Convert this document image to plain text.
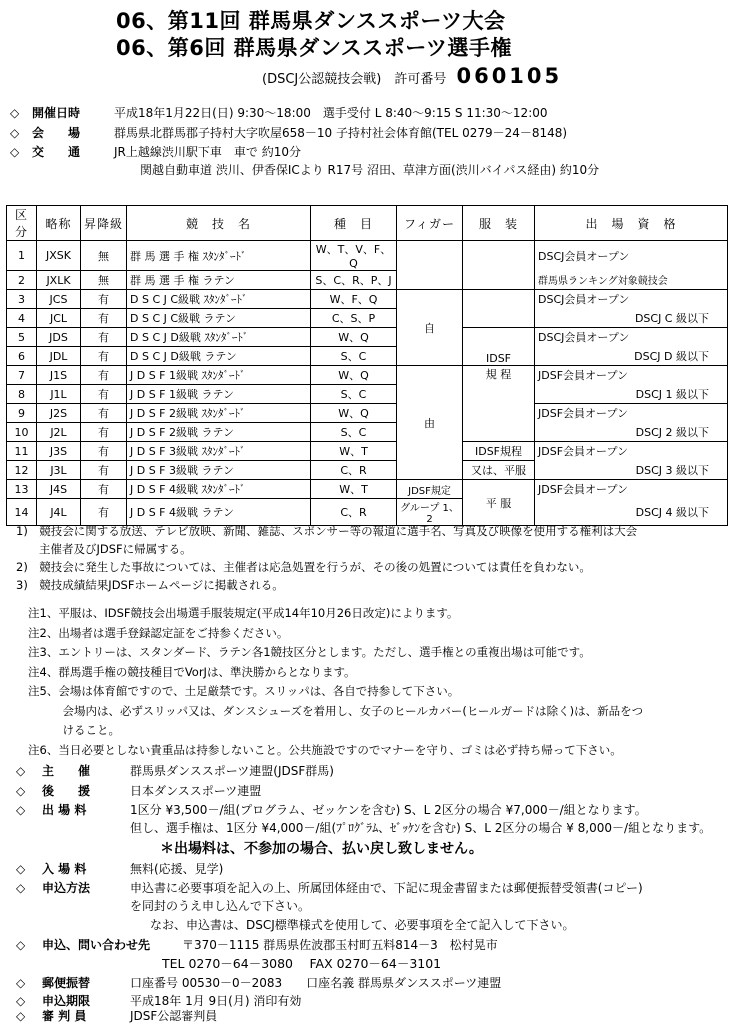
06、第11回 群馬県ダンススポーツ大会
06、第6回 群馬県ダンススポーツ選手権
(DSCJ公認競技会戦)　許可番号 060105
◇ 開催日時	平成18年1月22日(日) 9:30～18:00　選手受付 L 8:40～9:15 S 11:30～12:00
◇ 会　　場	群馬県北群馬郡子持村大字吹屋658－10 子持村社会体育館(TEL 0279－24－8148)
◇ 交　　通	JR上越線渋川駅下車　車で 約10分
関越自動車道 渋川、伊香保ICより R17号 沼田、草津方面(渋川バイパス経由) 約10分
区分	略称	昇降級	競　技　名	種　目	フィガー	服　装	出　場　資　格
1	JXSK	無	群 馬 選 手 権 ｽﾀﾝﾀﾞｰﾄﾞ	W、T、V、F、Q			DSCJ会員オープン
2	JXLK	無	群 馬 選 手 権 ラテン	S、C、R、P、J			群馬県ランキング対象競技会
3	JCS	有	D S C J C級戦 ｽﾀﾝﾀﾞｰﾄﾞ	W、F、Q	自		DSCJ会員オープン
4	JCL	有	D S C J C級戦 ラテン	C、S、P			DSCJ C 級以下
5	JDS	有	D S C J D級戦 ｽﾀﾝﾀﾞｰﾄﾞ	W、Q		IDSF	DSCJ会員オープン
6	JDL	有	D S C J D級戦 ラテン	S、C			DSCJ D 級以下
7	J1S	有	J D S F 1級戦 ｽﾀﾝﾀﾞｰﾄﾞ	W、Q	由	規 程	JDSF会員オープン
8	J1L	有	J D S F 1級戦 ラテン	S、C			DSCJ 1 級以下
9	J2S	有	J D S F 2級戦 ｽﾀﾝﾀﾞｰﾄﾞ	W、Q			JDSF会員オープン
10	J2L	有	J D S F 2級戦 ラテン	S、C			DSCJ 2 級以下
11	J3S	有	J D S F 3級戦 ｽﾀﾝﾀﾞｰﾄﾞ	W、T		IDSF規程	JDSF会員オープン
12	J3L	有	J D S F 3級戦 ラテン	C、R		又は、平服	DSCJ 3 級以下
13	J4S	有	J D S F 4級戦 ｽﾀﾝﾀﾞｰﾄﾞ	W、T	JDSF規定	平 服	JDSF会員オープン
14	J4L	有	J D S F 4級戦 ラテン	C、R	グループ 1、2		DSCJ 4 級以下
1)　競技会に関する放送、テレビ放映、新聞、雑誌、スポンサー等の報道に選手名、写真及び映像を使用する権利は大会
　　主催者及びJDSFに帰属する。
2)　競技会に発生した事故については、主催者は応急処置を行うが、その後の処置については責任を負わない。
3)　競技成績結果JDSFホームページに掲載される。
注1、平服は、IDSF競技会出場選手服装規定(平成14年10月26日改定)によります。
注2、出場者は選手登録認定証をご持参ください。
注3、エントリーは、スタンダード、ラテン各1競技区分とします。ただし、選手権との重複出場は可能です。
注4、群馬選手権の競技種目でVorJは、準決勝からとなります。
注5、会場は体育館ですので、土足厳禁です。スリッパは、各自で持参して下さい。
　　　会場内は、必ずスリッパ又は、ダンスシューズを着用し、女子のヒールカバー(ヒールガードは除く)は、新品をつ
　　　けること。
注6、当日必要としない貴重品は持参しないこと。公共施設ですのでマナーを守り、ゴミは必ず持ち帰って下さい。
◇ 主　　催	群馬県ダンススポーツ連盟(JDSF群馬)
◇ 後　　援	日本ダンススポーツ連盟
◇ 出 場 料	1区分 ¥3,500－/組(プログラム、ゼッケンを含む) S、L 2区分の場合 ¥7,000－/組となります。
但し、選手権は、1区分 ¥4,000－/組(ﾌﾟﾛｸﾞﾗﾑ、ｾﾞｯｹﾝを含む) S、L 2区分の場合 ¥ 8,000－/組となります。
＊出場料は、不参加の場合、払い戻し致しません。
◇ 入 場 料	無料(応援、見学)
◇ 申込方法	申込書に必要事項を記入の上、所属団体経由で、下記に現金書留または郵便振替受領書(コピー)
を同封のうえ申し込んで下さい。
なお、申込書は、DSCJ標準様式を使用して、必要事項を全て記入して下さい。
◇ 申込、問い合わせ先	〒370－1115 群馬県佐波郡玉村町五料814－3　松村晃市
TEL 0270－64－3080　 FAX 0270－64－3101
◇ 郵便振替	口座番号 00530－0－2083　　口座名義 群馬県ダンススポーツ連盟
◇ 申込期限	平成18年 1月 9日(月) 消印有効
◇ 審 判 員	JDSF公認審判員
